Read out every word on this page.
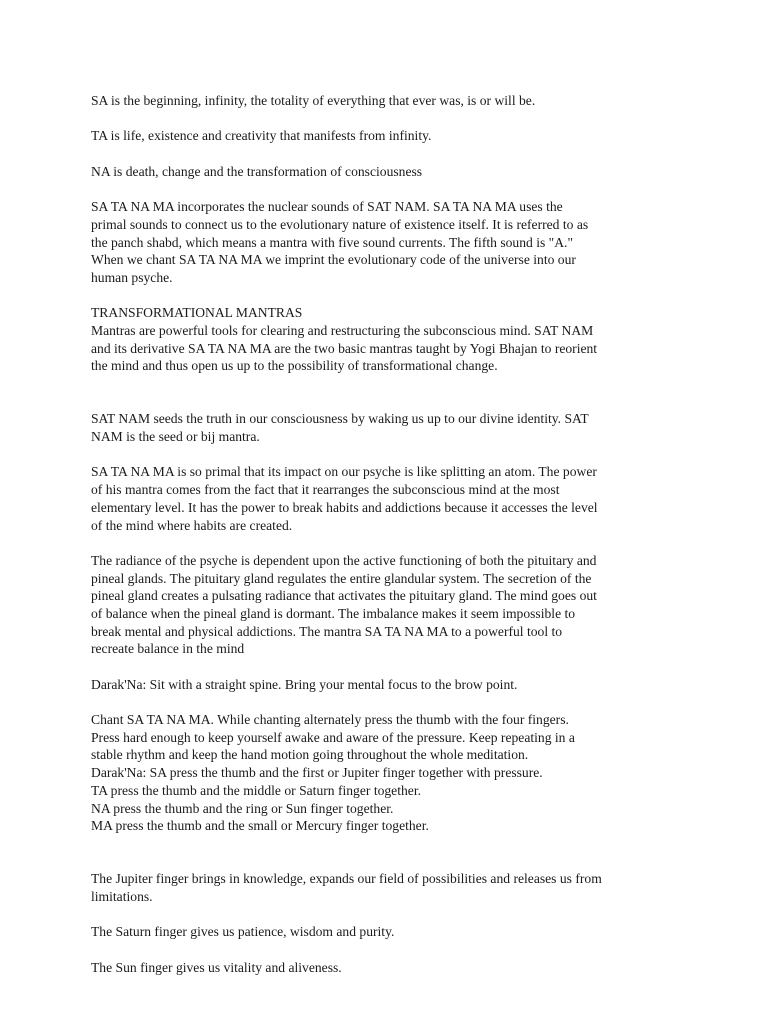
SA is the beginning, infinity, the totality of everything that ever was, is or will be.

TA is life, existence and creativity that manifests from infinity.

NA is death, change and the transformation of consciousness

SA TA NA MA incorporates the nuclear sounds of SAT NAM. SA TA NA MA uses the
primal sounds to connect us to the evolutionary nature of existence itself. It is referred to as
the panch shabd, which means a mantra with five sound currents. The fifth sound is "A."
When we chant SA TA NA MA we imprint the evolutionary code of the universe into our
human psyche.

TRANSFORMATIONAL MANTRAS
Mantras are powerful tools for clearing and restructuring the subconscious mind. SAT NAM
and its derivative SA TA NA MA are the two basic mantras taught by Yogi Bhajan to reorient
the mind and thus open us up to the possibility of transformational change.

SAT NAM seeds the truth in our consciousness by waking us up to our divine identity. SAT
NAM is the seed or bij mantra.

SA TA NA MA is so primal that its impact on our psyche is like splitting an atom. The power
of his mantra comes from the fact that it rearranges the subconscious mind at the most
elementary level. It has the power to break habits and addictions because it accesses the level
of the mind where habits are created.

The radiance of the psyche is dependent upon the active functioning of both the pituitary and
pineal glands. The pituitary gland regulates the entire glandular system. The secretion of the
pineal gland creates a pulsating radiance that activates the pituitary gland. The mind goes out
of balance when the pineal gland is dormant. The imbalance makes it seem impossible to
break mental and physical addictions. The mantra SA TA NA MA to a powerful tool to
recreate balance in the mind

Darak'Na: Sit with a straight spine. Bring your mental focus to the brow point.

Chant SA TA NA MA. While chanting alternately press the thumb with the four fingers.
Press hard enough to keep yourself awake and aware of the pressure. Keep repeating in a
stable rhythm and keep the hand motion going throughout the whole meditation.
Darak'Na: SA press the thumb and the first or Jupiter finger together with pressure.
TA press the thumb and the middle or Saturn finger together.
NA press the thumb and the ring or Sun finger together.
MA press the thumb and the small or Mercury finger together.

The Jupiter finger brings in knowledge, expands our field of possibilities and releases us from
limitations.

The Saturn finger gives us patience, wisdom and purity.

The Sun finger gives us vitality and aliveness.
